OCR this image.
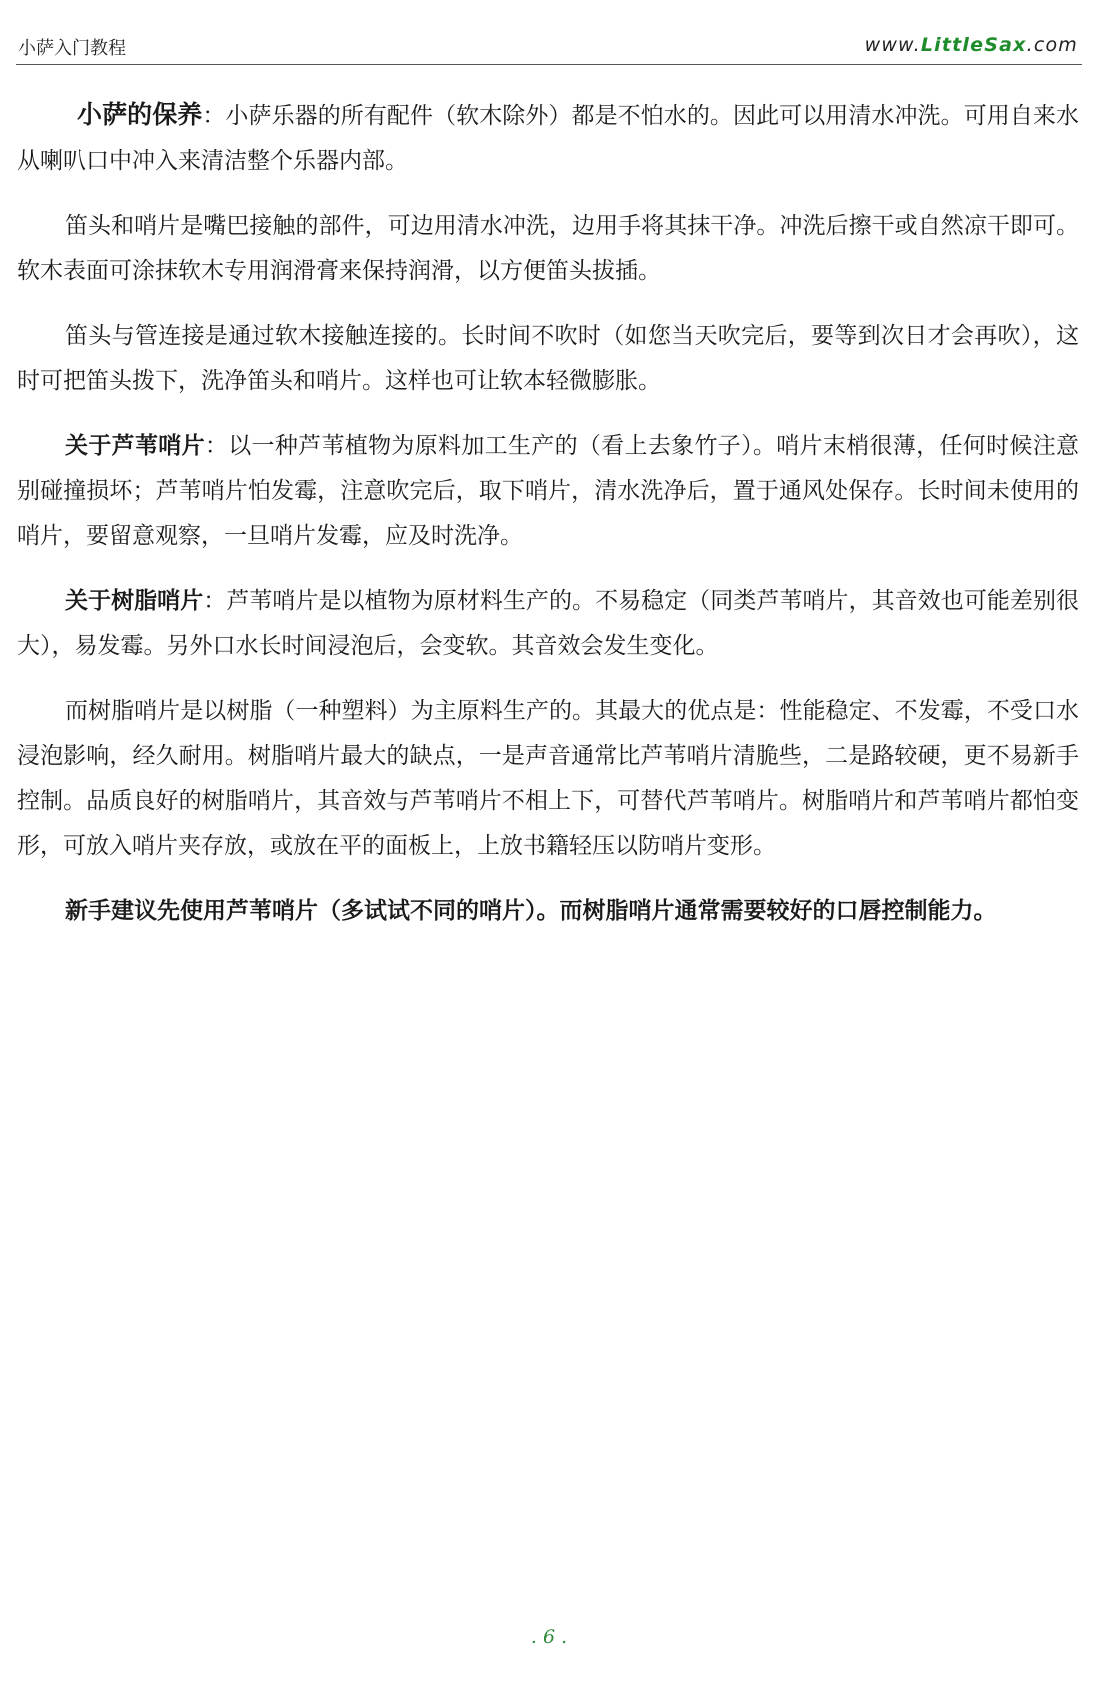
小萨入门教程	www.LittleSax.com

小萨的保养：小萨乐器的所有配件（软木除外）都是不怕水的。因此可以用清水冲洗。可用自来水从喇叭口中冲入来清洁整个乐器内部。

笛头和哨片是嘴巴接触的部件，可边用清水冲洗，边用手将其抹干净。冲洗后擦干或自然凉干即可。软木表面可涂抹软木专用润滑膏来保持润滑，以方便笛头拔插。

笛头与管连接是通过软木接触连接的。长时间不吹时（如您当天吹完后，要等到次日才会再吹），这时可把笛头拨下，洗净笛头和哨片。这样也可让软本轻微膨胀。

关于芦苇哨片：以一种芦苇植物为原料加工生产的（看上去象竹子）。哨片末梢很薄，任何时候注意别碰撞损坏；芦苇哨片怕发霉，注意吹完后，取下哨片，清水洗净后，置于通风处保存。长时间未使用的哨片，要留意观察，一旦哨片发霉，应及时洗净。

关于树脂哨片：芦苇哨片是以植物为原材料生产的。不易稳定（同类芦苇哨片，其音效也可能差别很大），易发霉。另外口水长时间浸泡后，会变软。其音效会发生变化。

而树脂哨片是以树脂（一种塑料）为主原料生产的。其最大的优点是：性能稳定、不发霉，不受口水浸泡影响，经久耐用。树脂哨片最大的缺点，一是声音通常比芦苇哨片清脆些，二是路较硬，更不易新手控制。品质良好的树脂哨片，其音效与芦苇哨片不相上下，可替代芦苇哨片。树脂哨片和芦苇哨片都怕变形，可放入哨片夹存放，或放在平的面板上，上放书籍轻压以防哨片变形。

新手建议先使用芦苇哨片（多试试不同的哨片）。而树脂哨片通常需要较好的口唇控制能力。

. 6 .
